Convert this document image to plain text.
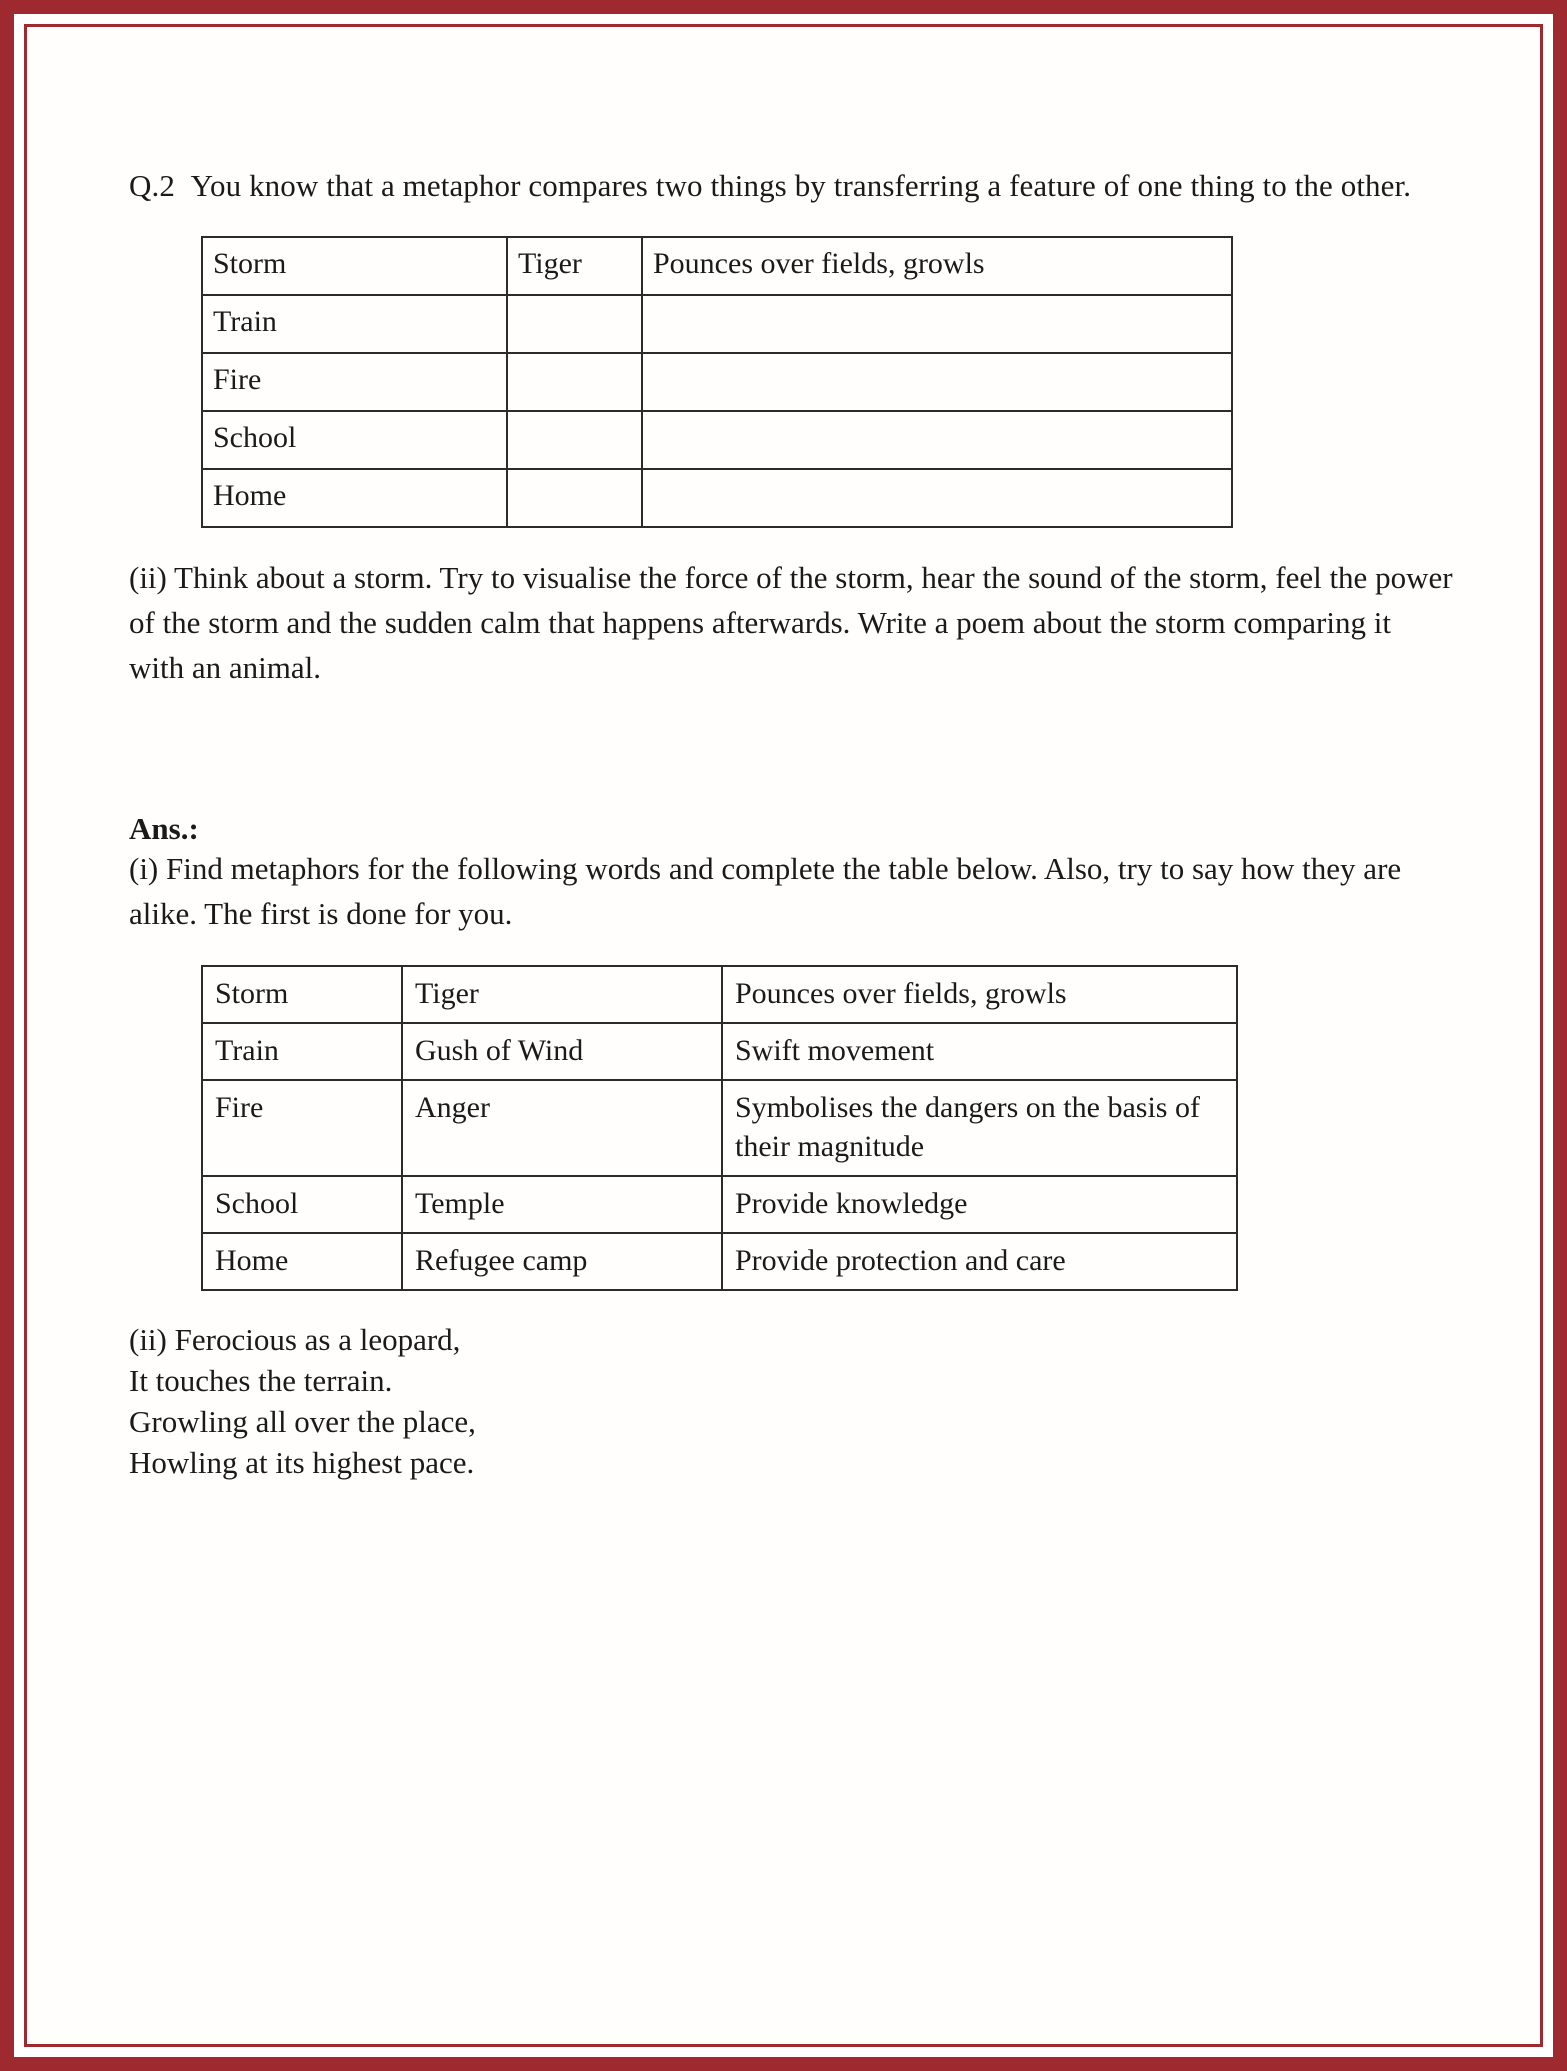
Q.2 You know that a metaphor compares two things by transferring a feature of one thing to the other.

Storm	Tiger	Pounces over fields, growls
Train		
Fire		
School		
Home		

(ii) Think about a storm. Try to visualise the force of the storm, hear the sound of the storm, feel the power of the storm and the sudden calm that happens afterwards. Write a poem about the storm comparing it with an animal.

Ans.:

(i) Find metaphors for the following words and complete the table below. Also, try to say how they are alike. The first is done for you.

Storm	Tiger	Pounces over fields, growls
Train	Gush of Wind	Swift movement
Fire	Anger	Symbolises the dangers on the basis of their magnitude
School	Temple	Provide knowledge
Home	Refugee camp	Provide protection and care
(ii) Ferocious as a leopard,
It touches the terrain.
Growling all over the place,
Howling at its highest pace.
